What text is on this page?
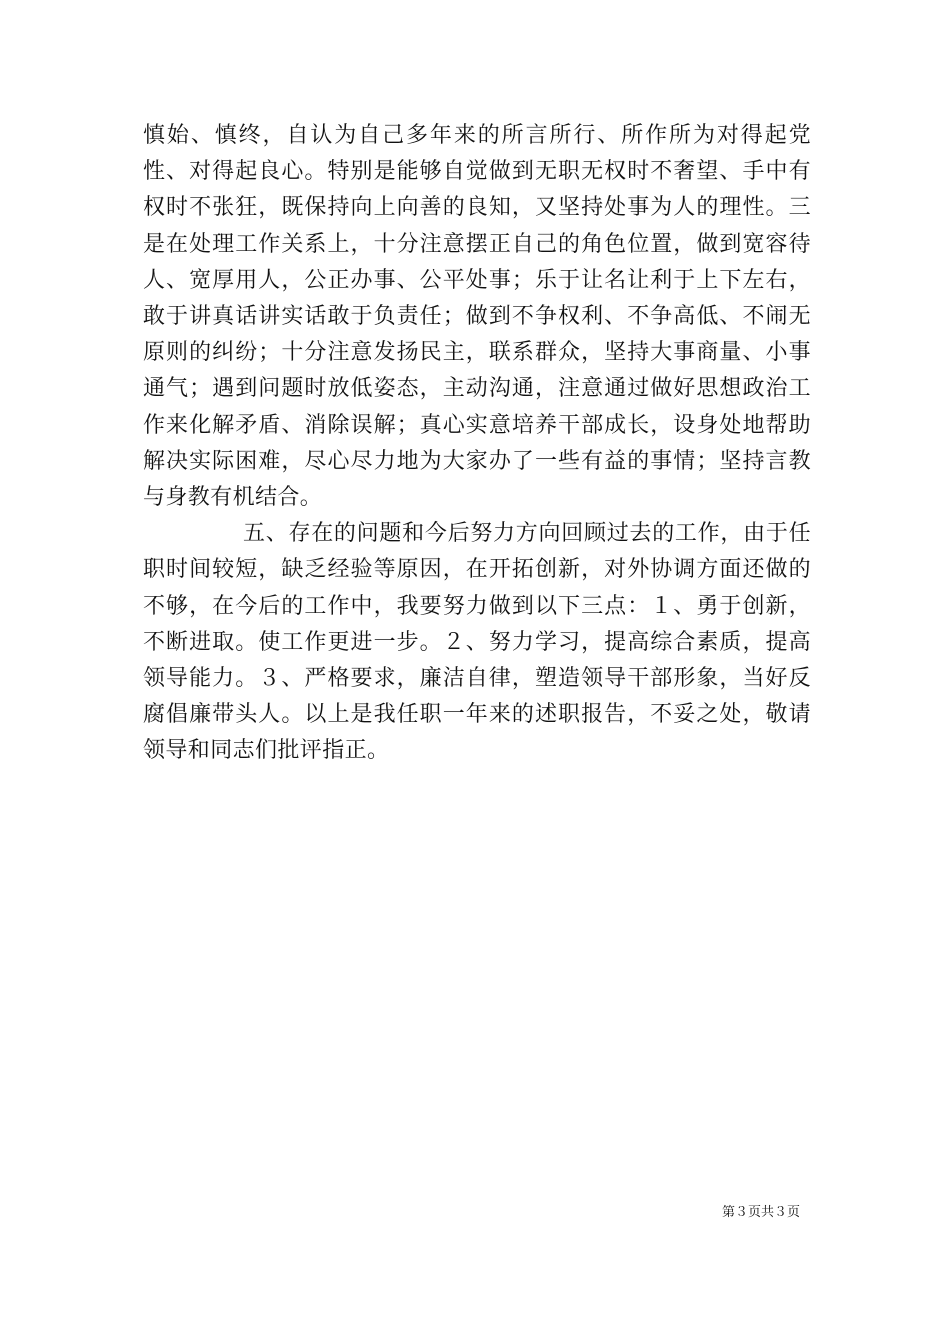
慎始、慎终，自认为自己多年来的所言所行、所作所为对得起党性、对得起良心。特别是能够自觉做到无职无权时不奢望、手中有权时不张狂，既保持向上向善的良知，又坚持处事为人的理性。三是在处理工作关系上，十分注意摆正自己的角色位置，做到宽容待人、宽厚用人，公正办事、公平处事；乐于让名让利于上下左右，敢于讲真话讲实话敢于负责任；做到不争权利、不争高低、不闹无原则的纠纷；十分注意发扬民主，联系群众，坚持大事商量、小事通气；遇到问题时放低姿态，主动沟通，注意通过做好思想政治工作来化解矛盾、消除误解；真心实意培养干部成长，设身处地帮助解决实际困难，尽心尽力地为大家办了一些有益的事情；坚持言教与身教有机结合。

五、存在的问题和今后努力方向回顾过去的工作，由于任职时间较短，缺乏经验等原因，在开拓创新，对外协调方面还做的不够，在今后的工作中，我要努力做到以下三点：１、勇于创新，不断进取。使工作更进一步。２、努力学习，提高综合素质，提高领导能力。３、严格要求，廉洁自律，塑造领导干部形象，当好反腐倡廉带头人。以上是我任职一年来的述职报告，不妥之处，敬请领导和同志们批评指正。

第３页共３页
